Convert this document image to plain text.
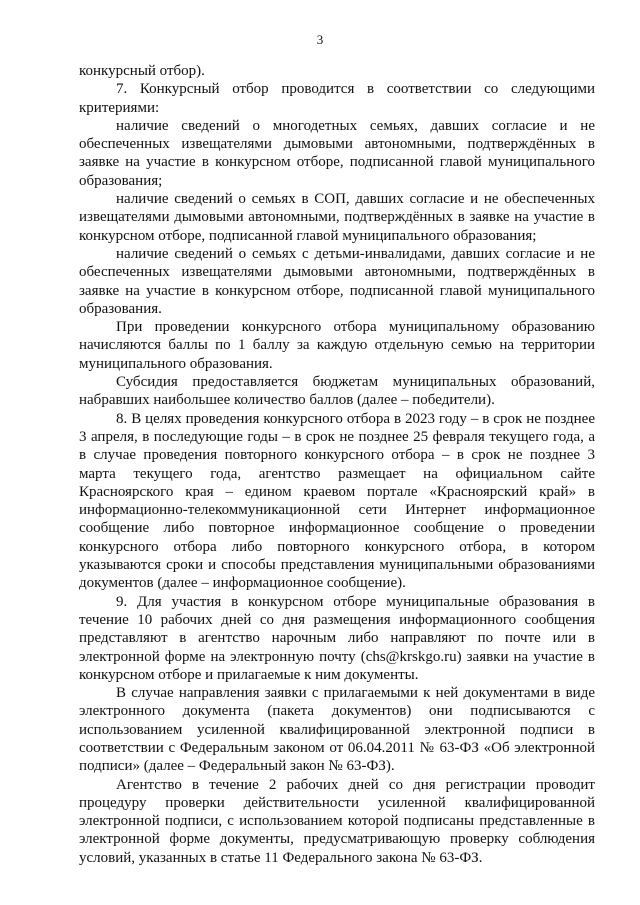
3

конкурсный отбор).

7. Конкурсный отбор проводится в соответствии со следующими критериями:

наличие сведений о многодетных семьях, давших согласие и не обеспеченных извещателями дымовыми автономными, подтверждённых в заявке на участие в конкурсном отборе, подписанной главой муниципального образования;

наличие сведений о семьях в СОП, давших согласие и не обеспеченных извещателями дымовыми автономными, подтверждённых в заявке на участие в конкурсном отборе, подписанной главой муниципального образования;

наличие сведений о семьях с детьми-инвалидами, давших согласие и не обеспеченных извещателями дымовыми автономными, подтверждённых в заявке на участие в конкурсном отборе, подписанной главой муниципального образования.

При проведении конкурсного отбора муниципальному образованию начисляются баллы по 1 баллу за каждую отдельную семью на территории муниципального образования.

Субсидия предоставляется бюджетам муниципальных образований, набравших наибольшее количество баллов (далее – победители).

8. В целях проведения конкурсного отбора в 2023 году – в срок не позднее 3 апреля, в последующие годы – в срок не позднее 25 февраля текущего года, а в случае проведения повторного конкурсного отбора – в срок не позднее 3 марта текущего года, агентство размещает на официальном сайте Красноярского края – едином краевом портале «Красноярский край» в информационно-телекоммуникационной сети Интернет информационное сообщение либо повторное информационное сообщение о проведении конкурсного отбора либо повторного конкурсного отбора, в котором указываются сроки и способы представления муниципальными образованиями документов (далее – информационное сообщение).

9. Для участия в конкурсном отборе муниципальные образования в течение 10 рабочих дней со дня размещения информационного сообщения представляют в агентство нарочным либо направляют по почте или в электронной форме на электронную почту (chs@krskgo.ru) заявки на участие в конкурсном отборе и прилагаемые к ним документы.

В случае направления заявки с прилагаемыми к ней документами в виде электронного документа (пакета документов) они подписываются с использованием усиленной квалифицированной электронной подписи в соответствии с Федеральным законом от 06.04.2011 № 63-ФЗ «Об электронной подписи» (далее – Федеральный закон № 63-ФЗ).

Агентство в течение 2 рабочих дней со дня регистрации проводит процедуру проверки действительности усиленной квалифицированной электронной подписи, с использованием которой подписаны представленные в электронной форме документы, предусматривающую проверку соблюдения условий, указанных в статье 11 Федерального закона № 63-ФЗ.
